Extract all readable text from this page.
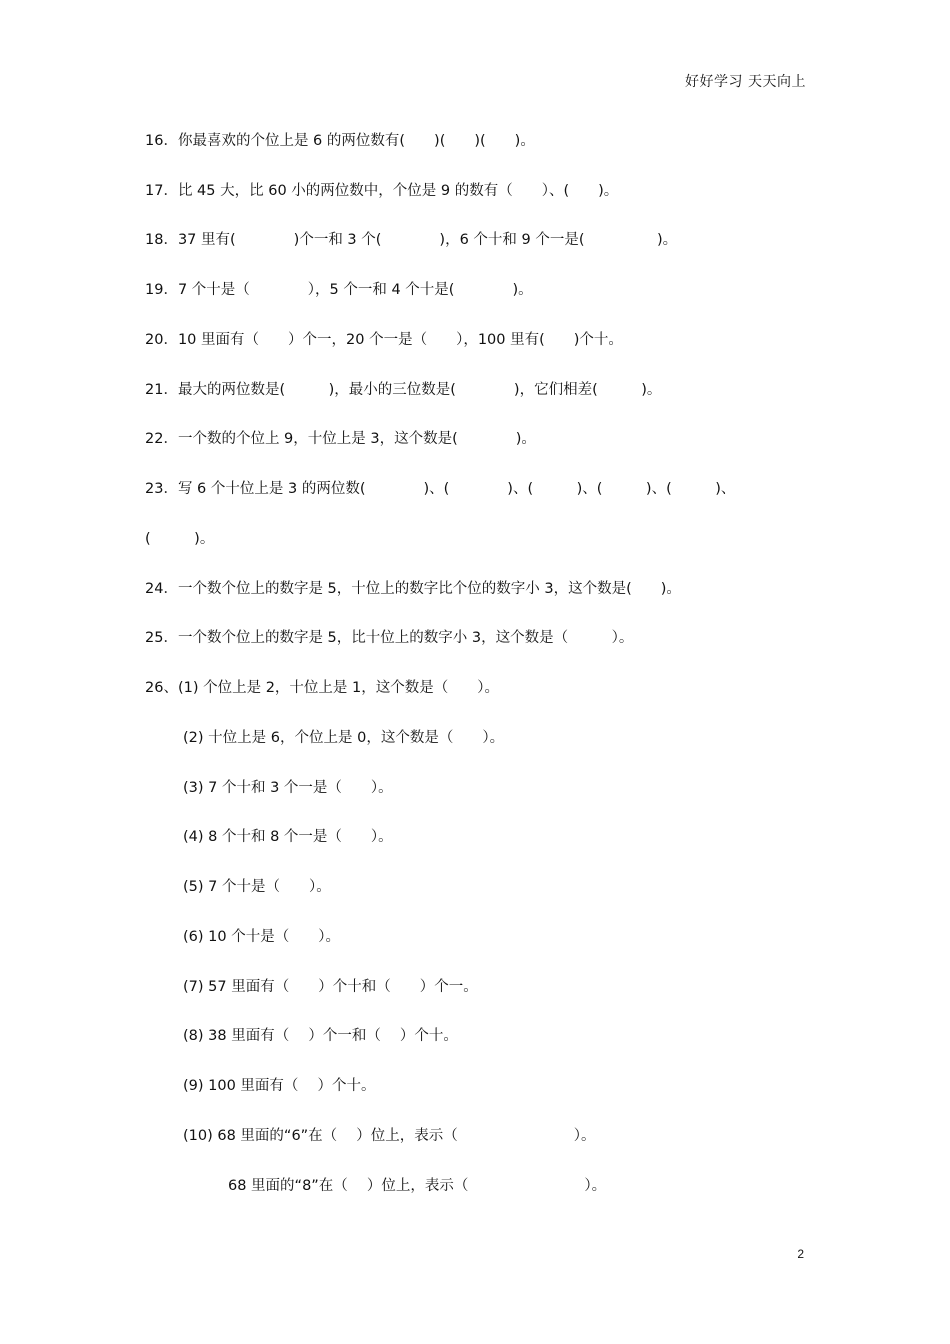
好好学习 天天向上
16．你最喜欢的个位上是 6 的两位数有(　　)(　　)(　　)。
17．比 45 大，比 60 小的两位数中，个位是 9 的数有（　　）、(　　)。
18．37 里有(　　　　)个一和 3 个(　　　　)，6 个十和 9 个一是(　　　　　)。
19．7 个十是（　　　　），5 个一和 4 个十是(　　　　)。
20．10 里面有（　　）个一，20 个一是（　　），100 里有(　　)个十。
21．最大的两位数是(　　　)，最小的三位数是(　　　　)，它们相差(　　　)。
22．一个数的个位上 9，十位上是 3，这个数是(　　　　)。
23．写 6 个十位上是 3 的两位数(　　　　)、(　　　　)、(　　　)、(　　　)、(　　　)、
(　　　)。
24．一个数个位上的数字是 5，十位上的数字比个位的数字小 3，这个数是(　　)。
25．一个数个位上的数字是 5，比十位上的数字小 3，这个数是（　　　）。
26、(1) 个位上是 2，十位上是 1，这个数是（　　）。
(2) 十位上是 6，个位上是 0，这个数是（　　）。
(3) 7 个十和 3 个一是（　　）。
(4) 8 个十和 8 个一是（　　）。
(5) 7 个十是（　　）。
(6) 10 个十是（　　）。
(7) 57 里面有（　　）个十和（　　）个一。
(8) 38 里面有（　 ）个一和（　 ）个十。
(9) 100 里面有（　 ）个十。
(10) 68 里面的“6”在（　 ）位上，表示（　　　　　　　　）。
68 里面的“8”在（　 ）位上，表示（　　　　　　　　）。
2
